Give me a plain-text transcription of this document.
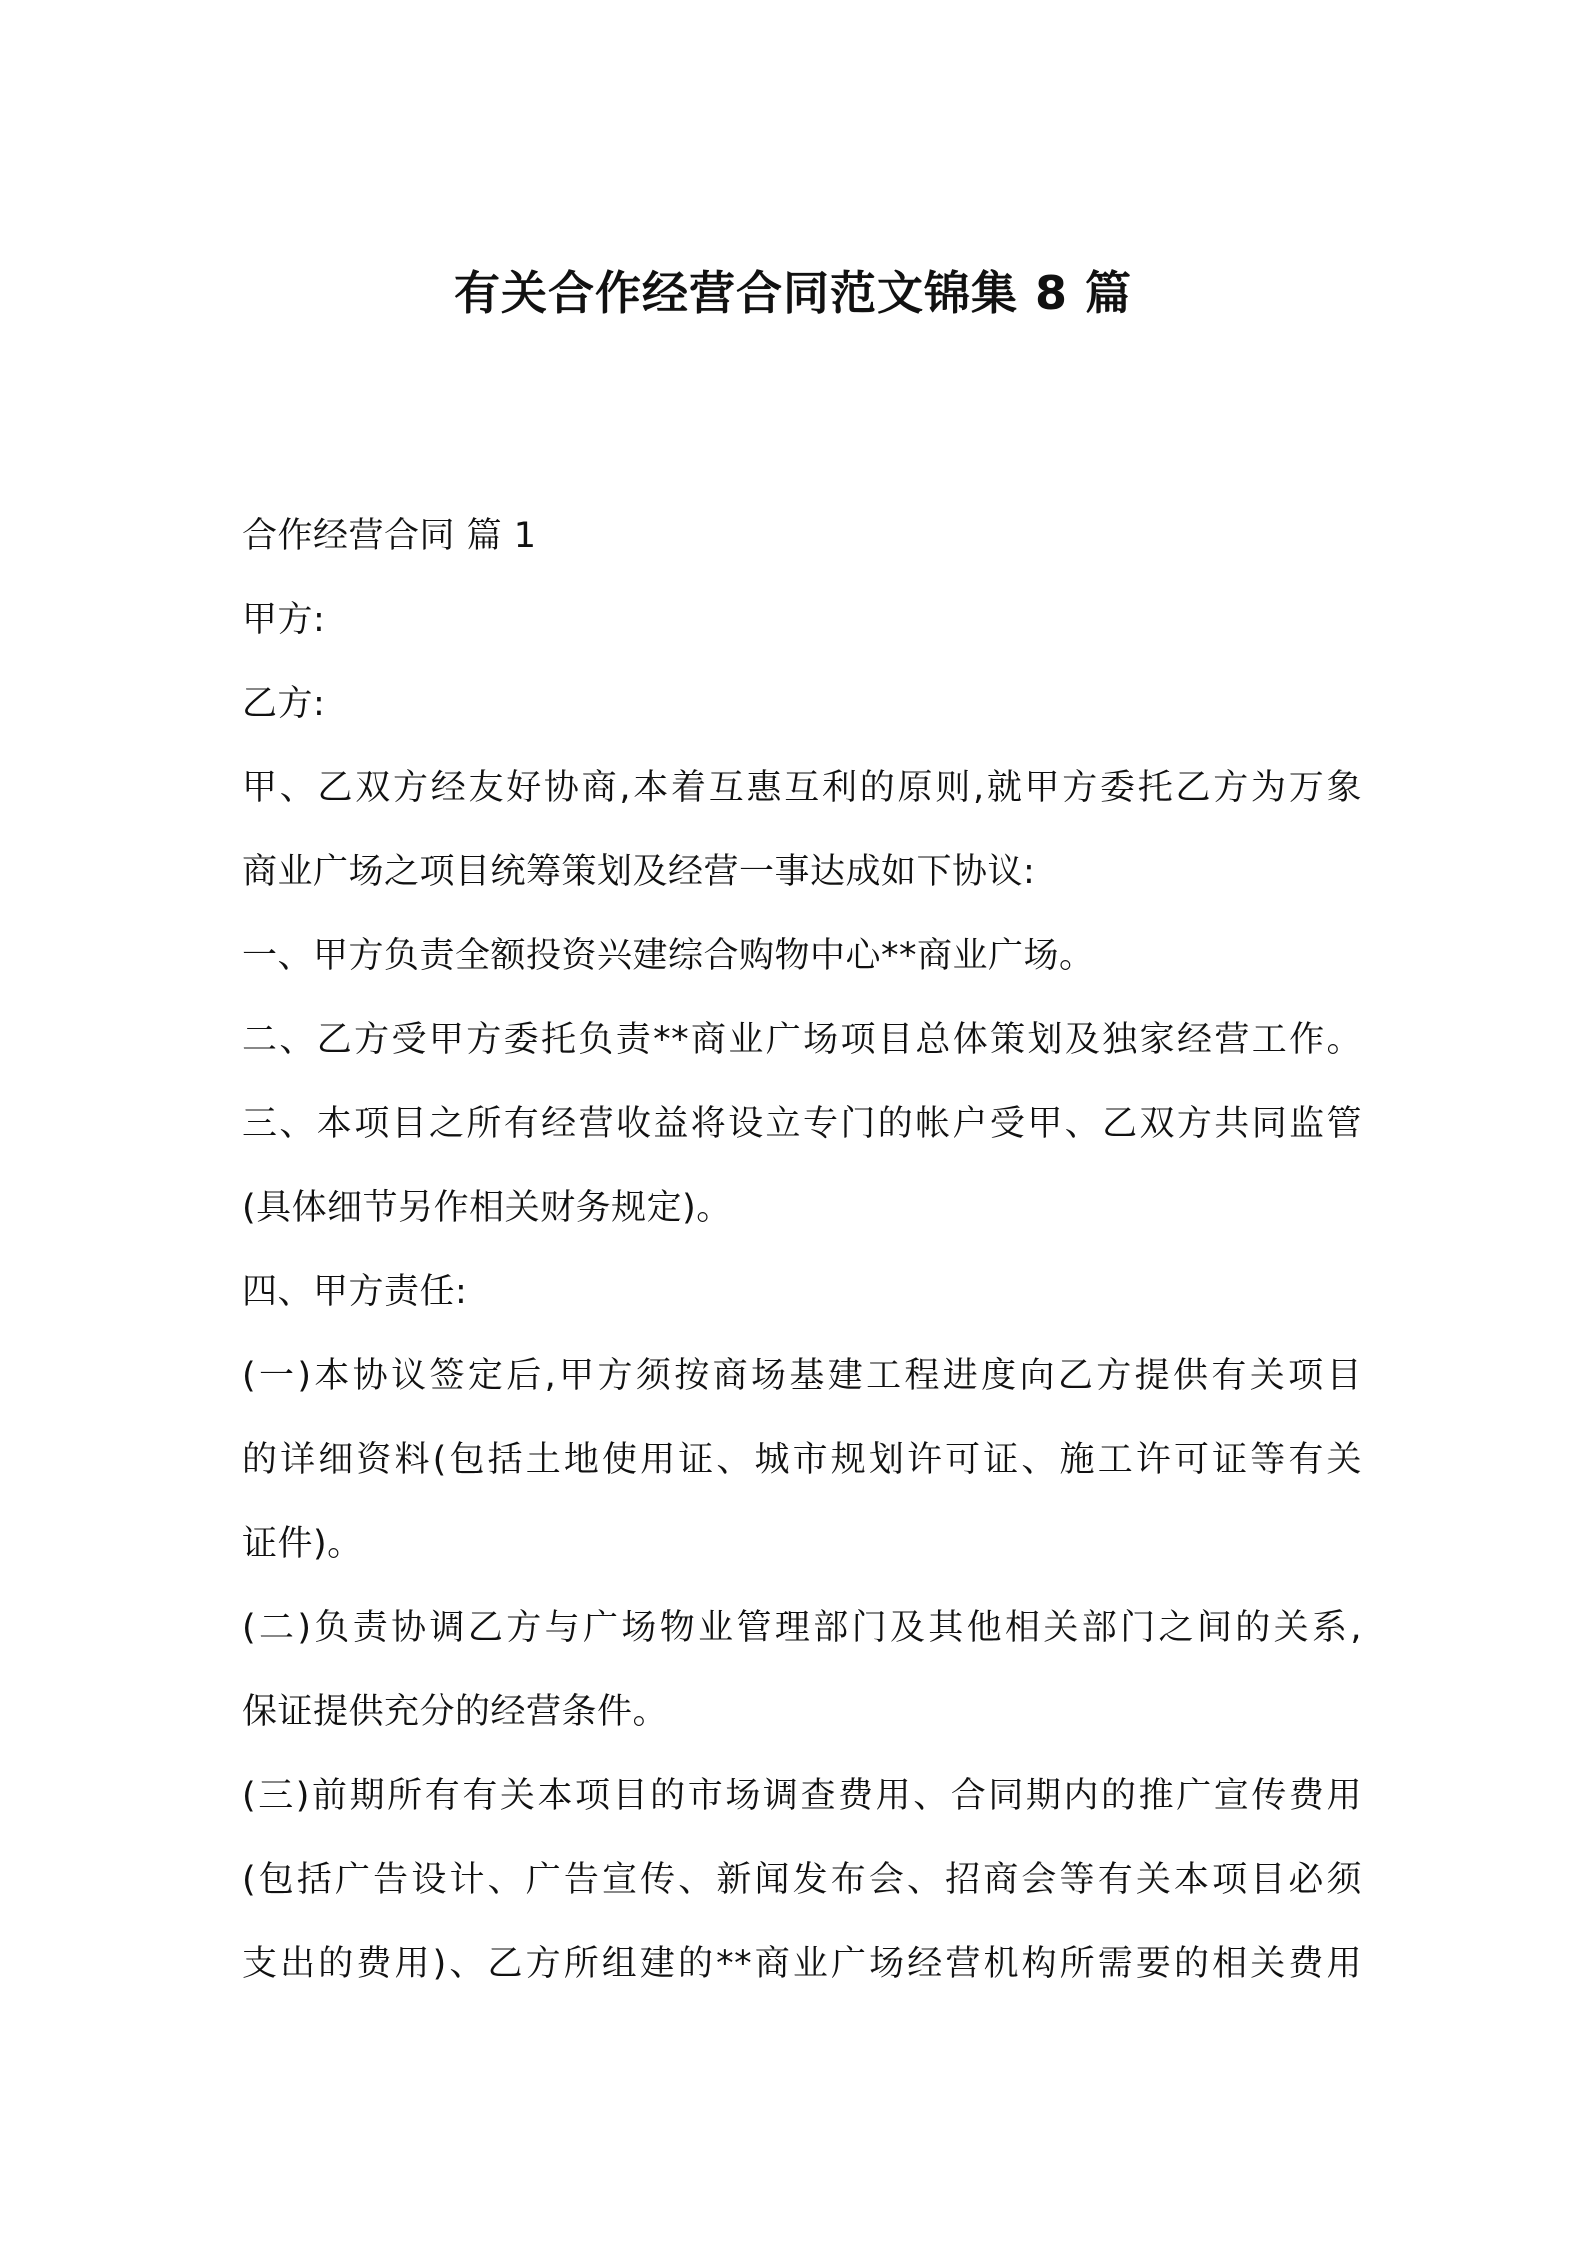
有关合作经营合同范文锦集 8 篇
合作经营合同 篇 1
甲方:
乙方:
甲、乙双方经友好协商,本着互惠互利的原则,就甲方委托乙方为万象
商业广场之项目统筹策划及经营一事达成如下协议:
一、甲方负责全额投资兴建综合购物中心**商业广场。
二、乙方受甲方委托负责**商业广场项目总体策划及独家经营工作。
三、本项目之所有经营收益将设立专门的帐户受甲、乙双方共同监管
(具体细节另作相关财务规定)。
四、甲方责任:
(一)本协议签定后,甲方须按商场基建工程进度向乙方提供有关项目
的详细资料(包括土地使用证、城市规划许可证、施工许可证等有关
证件)。
(二)负责协调乙方与广场物业管理部门及其他相关部门之间的关系,
保证提供充分的经营条件。
(三)前期所有有关本项目的市场调查费用、合同期内的推广宣传费用
(包括广告设计、广告宣传、新闻发布会、招商会等有关本项目必须
支出的费用)、乙方所组建的**商业广场经营机构所需要的相关费用
